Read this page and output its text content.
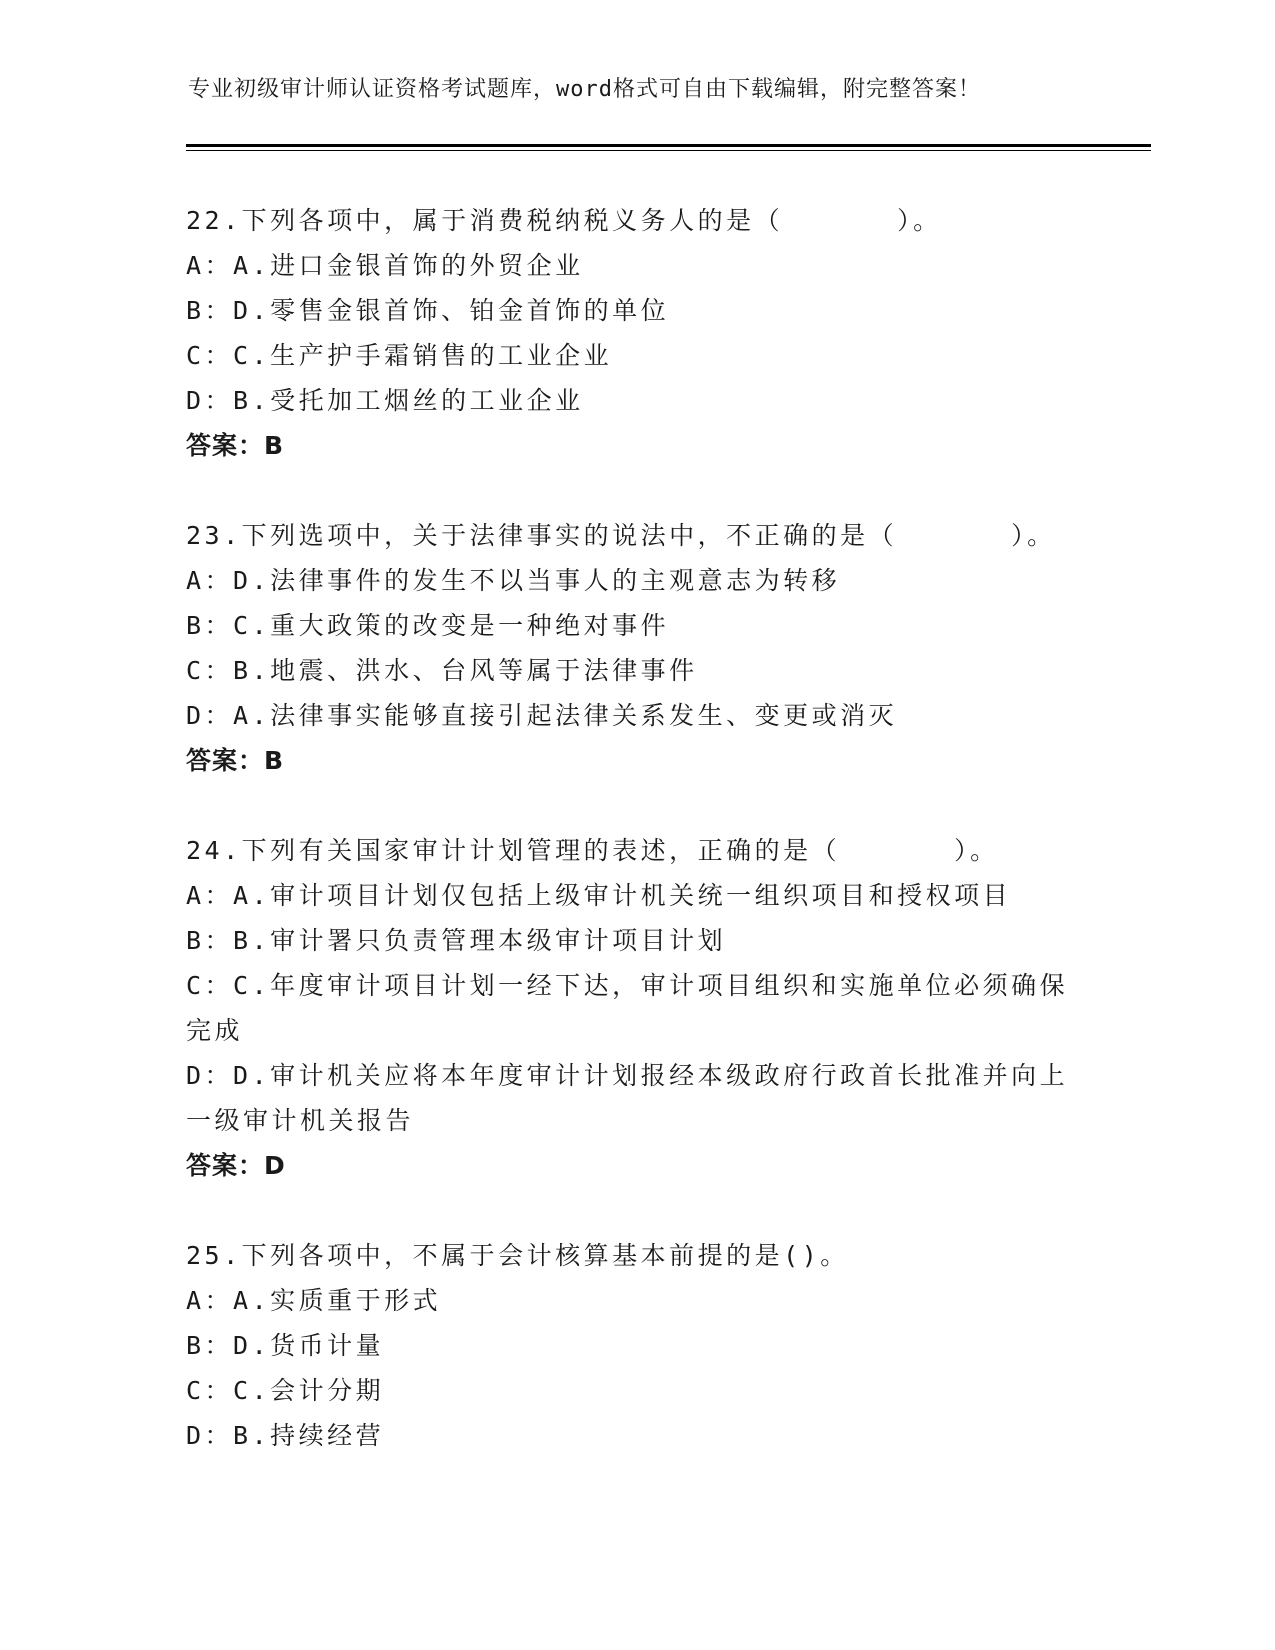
专业初级审计师认证资格考试题库，word格式可自由下载编辑，附完整答案！
22.下列各项中，属于消费税纳税义务人的是（　　　　）。
A：A.进口金银首饰的外贸企业
B：D.零售金银首饰、铂金首饰的单位
C：C.生产护手霜销售的工业企业
D：B.受托加工烟丝的工业企业
答案：B
23.下列选项中，关于法律事实的说法中，不正确的是（　　　　）。
A：D.法律事件的发生不以当事人的主观意志为转移
B：C.重大政策的改变是一种绝对事件
C：B.地震、洪水、台风等属于法律事件
D：A.法律事实能够直接引起法律关系发生、变更或消灭
答案：B
24.下列有关国家审计计划管理的表述，正确的是（　　　　）。
A：A.审计项目计划仅包括上级审计机关统一组织项目和授权项目
B：B.审计署只负责管理本级审计项目计划
C：C.年度审计项目计划一经下达，审计项目组织和实施单位必须确保
完成
D：D.审计机关应将本年度审计计划报经本级政府行政首长批准并向上
一级审计机关报告
答案：D
25.下列各项中，不属于会计核算基本前提的是()。
A：A.实质重于形式
B：D.货币计量
C：C.会计分期
D：B.持续经营
